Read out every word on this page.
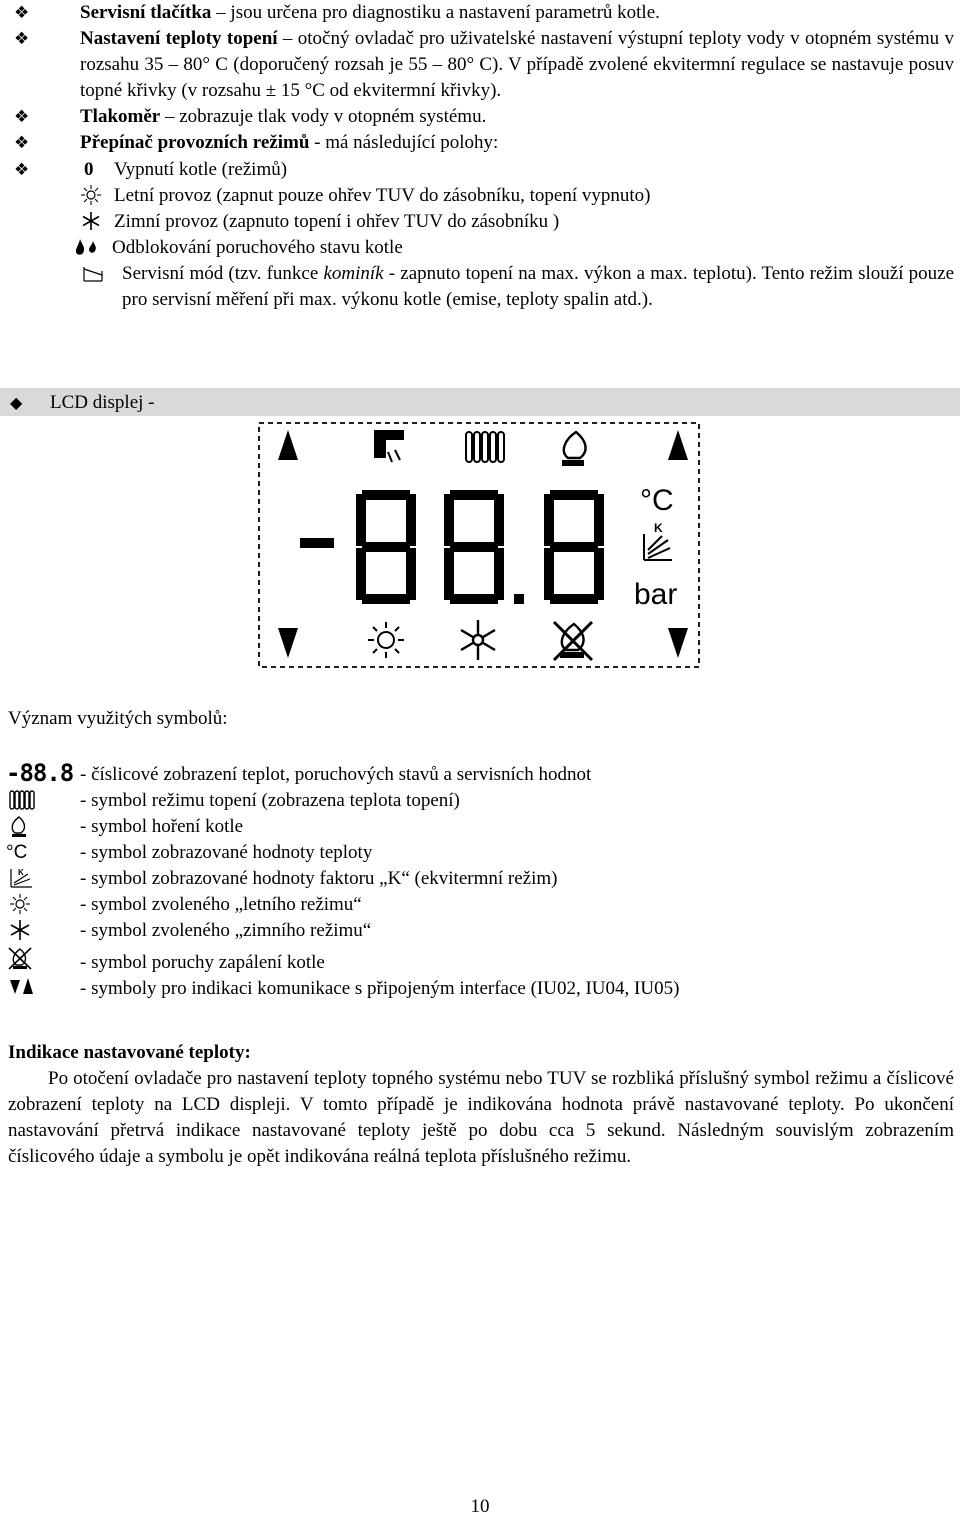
❖	Servisní tlačítka – jsou určena pro diagnostiku a nastavení parametrů kotle.
❖	Nastavení teploty topení – otočný ovladač pro uživatelské nastavení výstupní teploty vody v otopném systému v rozsahu 35 – 80° C (doporučený rozsah je 55 – 80° C). V případě zvolené ekvitermní regulace se nastavuje posuv topné křivky (v rozsahu ± 15 °C od ekvitermní křivky).
❖	Tlakoměr – zobrazuje tlak vody v otopném systému.
❖	Přepínač provozních režimů - má následující polohy:
❖	0 Vypnutí kotle (režimů)
Letní provoz (zapnut pouze ohřev TUV do zásobníku, topení vypnuto)
Zimní provoz (zapnuto topení i ohřev TUV do zásobníku )
Odblokování poruchového stavu kotle
Servisní mód (tzv. funkce kominík - zapnuto topení na max. výkon a max. teplotu). Tento režim slouží pouze pro servisní měření při max. výkonu kotle (emise, teploty spalin atd.).
◆ LCD displej -
°C
K
bar
Význam využitých symbolů:
-88.8 - číslicové zobrazení teplot, poruchových stavů a servisních hodnot
- symbol režimu topení (zobrazena teplota topení)
- symbol hoření kotle
°C	- symbol zobrazované hodnoty teploty
K	- symbol zobrazované hodnoty faktoru „K“ (ekvitermní režim)
- symbol zvoleného „letního režimu“
- symbol zvoleného „zimního režimu“
- symbol poruchy zapálení kotle
- symboly pro indikaci komunikace s připojeným interface (IU02, IU04, IU05)
Indikace nastavované teploty:
Po otočení ovladače pro nastavení teploty topného systému nebo TUV se rozbliká příslušný symbol režimu a číslicové zobrazení teploty na LCD displeji. V tomto případě je indikována hodnota právě nastavované teploty. Po ukončení nastavování přetrvá indikace nastavované teploty ještě po dobu cca 5 sekund. Následným souvislým zobrazením číslicového údaje a symbolu je opět indikována reálná teplota příslušného režimu.
10
